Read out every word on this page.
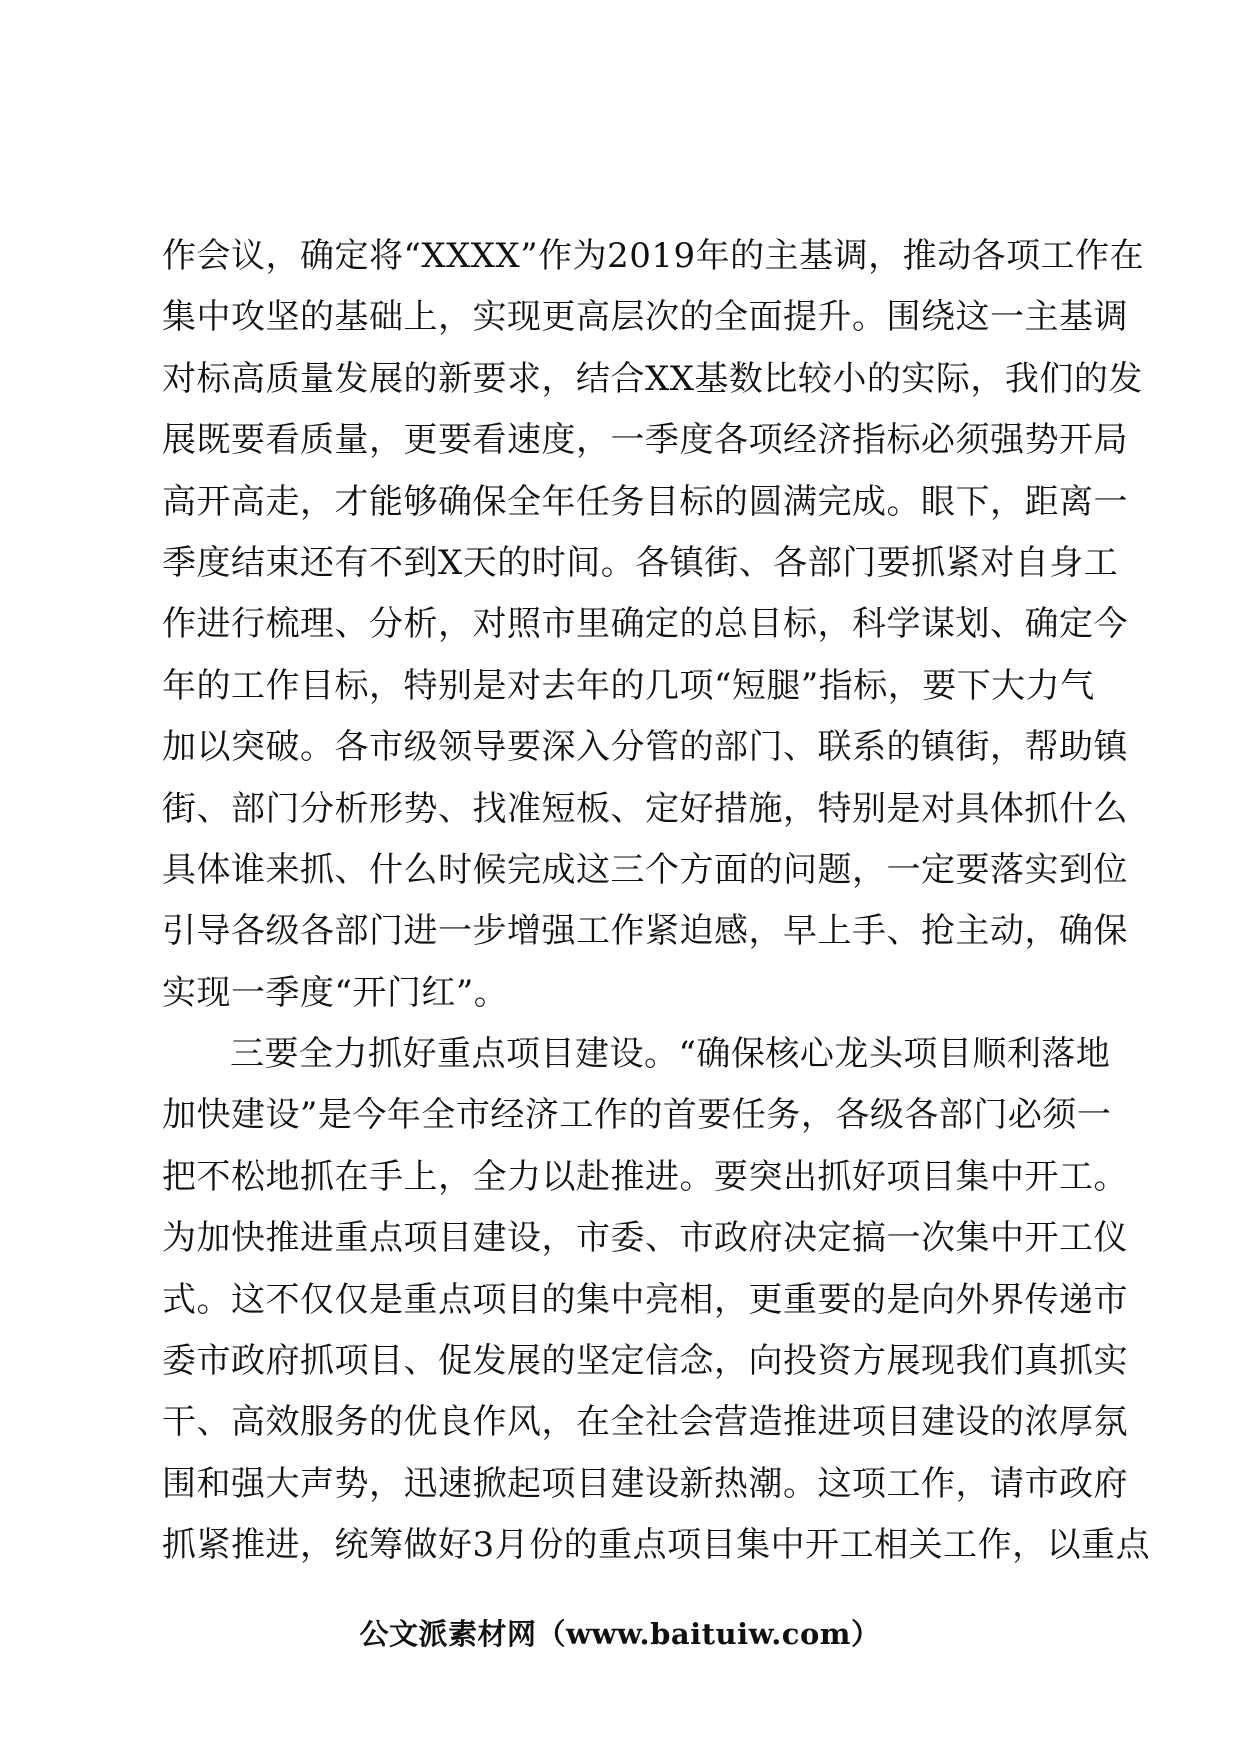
作会议，确定将“XXXX”作为2019年的主基调，推动各项工作在
集中攻坚的基础上，实现更高层次的全面提升。围绕这一主基调
对标高质量发展的新要求，结合XX基数比较小的实际，我们的发
展既要看质量，更要看速度，一季度各项经济指标必须强势开局
高开高走，才能够确保全年任务目标的圆满完成。眼下，距离一
季度结束还有不到X天的时间。各镇街、各部门要抓紧对自身工
作进行梳理、分析，对照市里确定的总目标，科学谋划、确定今
年的工作目标，特别是对去年的几项“短腿”指标，要下大力气
加以突破。各市级领导要深入分管的部门、联系的镇街，帮助镇
街、部门分析形势、找准短板、定好措施，特别是对具体抓什么
具体谁来抓、什么时候完成这三个方面的问题，一定要落实到位
引导各级各部门进一步增强工作紧迫感，早上手、抢主动，确保
实现一季度“开门红”。
三要全力抓好重点项目建设。“确保核心龙头项目顺利落地
加快建设”是今年全市经济工作的首要任务，各级各部门必须一
把不松地抓在手上，全力以赴推进。要突出抓好项目集中开工。
为加快推进重点项目建设，市委、市政府决定搞一次集中开工仪
式。这不仅仅是重点项目的集中亮相，更重要的是向外界传递市
委市政府抓项目、促发展的坚定信念，向投资方展现我们真抓实
干、高效服务的优良作风，在全社会营造推进项目建设的浓厚氛
围和强大声势，迅速掀起项目建设新热潮。这项工作，请市政府
抓紧推进，统筹做好3月份的重点项目集中开工相关工作，以重点
公文派素材网（www.baituiw.com）
